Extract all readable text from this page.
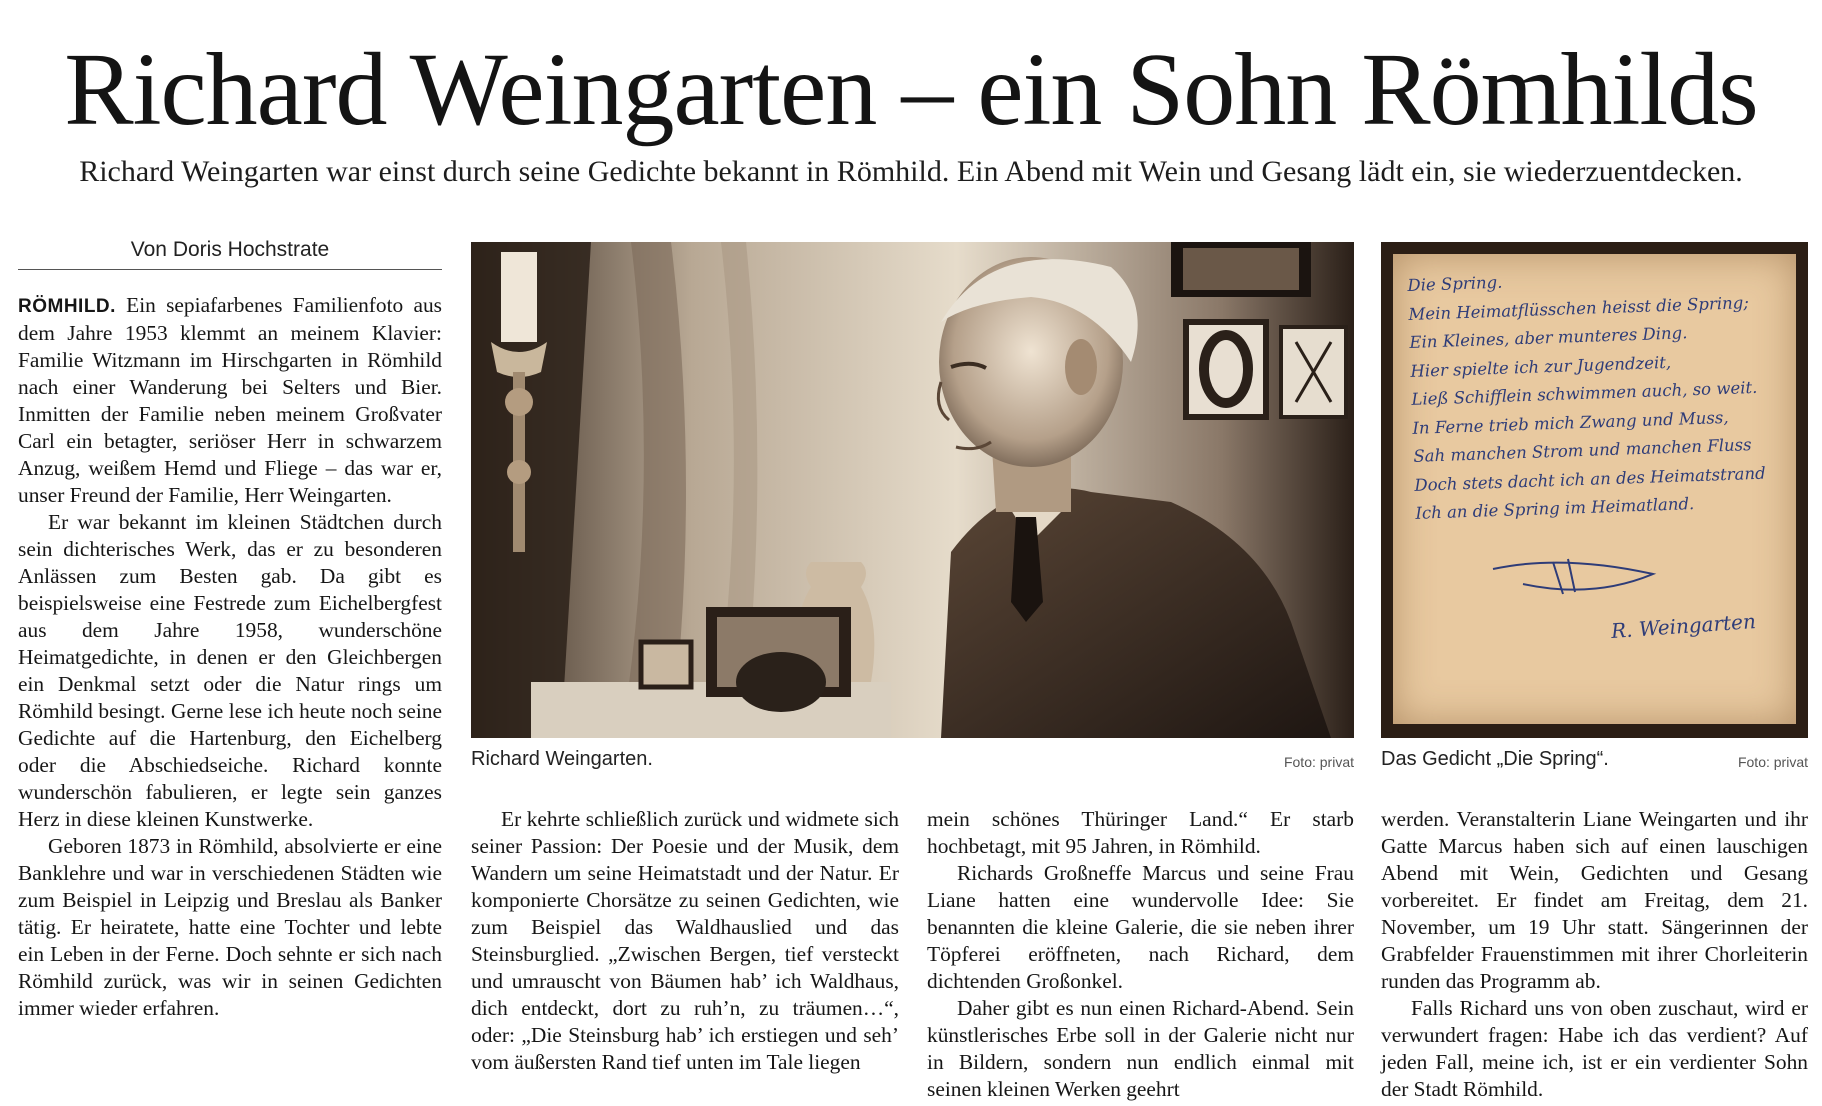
Richard Weingarten – ein Sohn Römhilds

Richard Weingarten war einst durch seine Gedichte bekannt in Römhild. Ein Abend mit Wein und Gesang lädt ein, sie wiederzuentdecken.

Von Doris Hochstrate

RÖMHILD. Ein sepiafarbenes Familienfoto aus dem Jahre 1953 klemmt an meinem Klavier: Familie Witzmann im Hirschgarten in Römhild nach einer Wanderung bei Selters und Bier. Inmitten der Familie neben meinem Großvater Carl ein betagter, seriöser Herr in schwarzem Anzug, weißem Hemd und Fliege – das war er, unser Freund der Familie, Herr Weingarten.

Er war bekannt im kleinen Städtchen durch sein dichterisches Werk, das er zu besonderen Anlässen zum Besten gab. Da gibt es beispielsweise eine Festrede zum Eichelbergfest aus dem Jahre 1958, wunderschöne Heimatgedichte, in denen er den Gleichbergen ein Denkmal setzt oder die Natur rings um Römhild besingt. Gerne lese ich heute noch seine Gedichte auf die Hartenburg, den Eichelberg oder die Abschiedseiche. Richard konnte wunderschön fabulieren, er legte sein ganzes Herz in diese kleinen Kunstwerke.

Geboren 1873 in Römhild, absolvierte er eine Banklehre und war in verschiedenen Städten wie zum Beispiel in Leipzig und Breslau als Banker tätig. Er heiratete, hatte eine Tochter und lebte ein Leben in der Ferne. Doch sehnte er sich nach Römhild zurück, was wir in seinen Gedichten immer wieder erfahren.

Richard Weingarten.	Foto: privat
Die Spring.
Mein Heimatflüsschen heisst die Spring;
Ein Kleines, aber munteres Ding.
Hier spielte ich zur Jugendzeit,
Ließ Schifflein schwimmen auch, so weit.
In Ferne trieb mich Zwang und Muss,
Sah manchen Strom und manchen Fluss
Doch stets dacht ich an des Heimatstrand
Ich an die Spring im Heimatland.
R. Weingarten
Das Gedicht „Die Spring“.	Foto: privat

Er kehrte schließlich zurück und widmete sich seiner Passion: Der Poesie und der Musik, dem Wandern um seine Heimatstadt und der Natur. Er komponierte Chorsätze zu seinen Gedichten, wie zum Beispiel das Waldhauslied und das Steinsburglied. „Zwischen Bergen, tief versteckt und umrauscht von Bäumen hab’ ich Waldhaus, dich entdeckt, dort zu ruh’n, zu träumen…“, oder: „Die Steinsburg hab’ ich erstiegen und seh’ vom äußersten Rand tief unten im Tale liegen

mein schönes Thüringer Land.“ Er starb hochbetagt, mit 95 Jahren, in Römhild.

Richards Großneffe Marcus und seine Frau Liane hatten eine wundervolle Idee: Sie benannten die kleine Galerie, die sie neben ihrer Töpferei eröffneten, nach Richard, dem dichtenden Großonkel.

Daher gibt es nun einen Richard-Abend. Sein künstlerisches Erbe soll in der Galerie nicht nur in Bildern, sondern nun endlich einmal mit seinen kleinen Werken geehrt

werden. Veranstalterin Liane Weingarten und ihr Gatte Marcus haben sich auf einen lauschigen Abend mit Wein, Gedichten und Gesang vorbereitet. Er findet am Freitag, dem 21. November, um 19 Uhr statt. Sängerinnen der Grabfelder Frauenstimmen mit ihrer Chorleiterin runden das Programm ab.

Falls Richard uns von oben zuschaut, wird er verwundert fragen: Habe ich das verdient? Auf jeden Fall, meine ich, ist er ein verdienter Sohn der Stadt Römhild.
